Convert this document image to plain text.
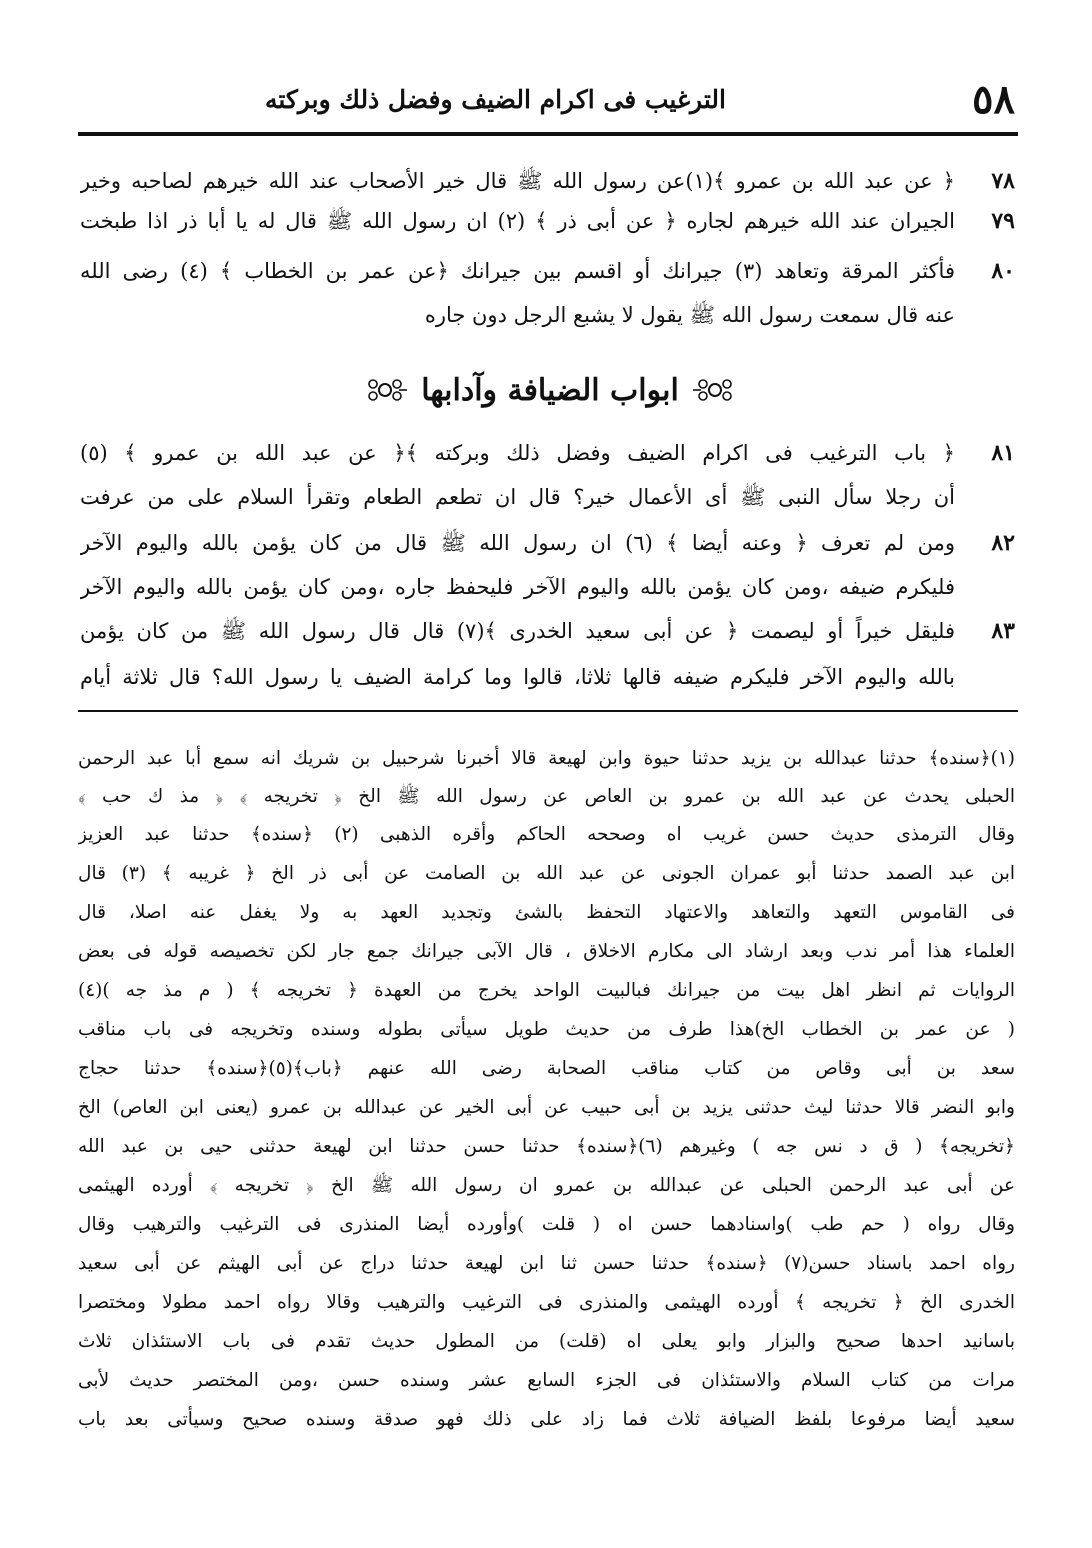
٥٨
الترغيب فى اكرام الضيف وفضل ذلك وبركته
٧٨
﴿ عن عبد الله بن عمرو ﴾(١)عن رسول الله ﷺ قال خير الأصحاب عند الله خيرهم لصاحبه وخير
٧٩
الجيران عند الله خيرهم لجاره ﴿ عن أبى ذر ﴾ (٢) ان رسول الله ﷺ قال له يا أبا ذر اذا طبخت
٨٠
فأكثر المرقة وتعاهد (٣) جيرانك أو اقسم بين جيرانك ﴿عن عمر بن الخطاب ﴾ (٤) رضى الله
عنه قال سمعت رسول الله ﷺ يقول لا يشبع الرجل دون جاره
ابواب الضيافة وآدابها
٨١
﴿ باب الترغيب فى اكرام الضيف وفضل ذلك وبركته ﴾﴿ عن عبد الله بن عمرو ﴾ (٥)
أن رجلا سأل النبى ﷺ أى الأعمال خير؟ قال ان تطعم الطعام وتقرأ السلام على من عرفت
٨٢
ومن لم تعرف ﴿ وعنه أيضا ﴾ (٦) ان رسول الله ﷺ قال من كان يؤمن بالله واليوم الآخر
فليكرم ضيفه ،ومن كان يؤمن بالله واليوم الآخر فليحفظ جاره ،ومن كان يؤمن بالله واليوم الآخر
٨٣
فليقل خيراً أو ليصمت ﴿ عن أبى سعيد الخدرى ﴾(٧) قال قال رسول الله ﷺ من كان يؤمن
بالله واليوم الآخر فليكرم ضيفه قالها ثلاثا، قالوا وما كرامة الضيف يا رسول الله؟ قال ثلاثة أيام
(١)﴿سنده﴾ حدثنا عبدالله بن يزيد حدثنا حيوة وابن لهيعة قالا أخبرنا شرحبيل بن شريك انه سمع أبا عبد الرحمن
الحبلى يحدث عن عبد الله بن عمرو بن العاص عن رسول الله ﷺ الخ ﴿ تخريجه ﴾ ﴿ مذ ك حب ﴾
وقال الترمذى حديث حسن غريب اه وصححه الحاكم وأقره الذهبى (٢) ﴿سنده﴾ حدثنا عبد العزيز
ابن عبد الصمد حدثنا أبو عمران الجونى عن عبد الله بن الصامت عن أبى ذر الخ ﴿ غريبه ﴾ (٣) قال
فى القاموس التعهد والتعاهد والاعتهاد التحفظ بالشئ وتجديد العهد به ولا يغفل عنه اصلا، قال
العلماء هذا أمر ندب وبعد ارشاد الى مكارم الاخلاق ، قال الآبى جيرانك جمع جار لكن تخصيصه قوله فى بعض
الروايات ثم انظر اهل بيت من جيرانك فبالبيت الواحد يخرج من العهدة ﴿ تخريجه ﴾ ( م مذ جه )(٤)
( عن عمر بن الخطاب الخ)هذا طرف من حديث طويل سيأتى بطوله وسنده وتخريجه فى باب مناقب
سعد بن أبى وقاص من كتاب مناقب الصحابة رضى الله عنهم ﴿باب﴾(٥)﴿سنده﴾ حدثنا حجاج
وابو النضر قالا حدثنا ليث حدثنى يزيد بن أبى حبيب عن أبى الخير عن عبدالله بن عمرو (يعنى ابن العاص) الخ
﴿تخريجه﴾ ( ق د نس جه ) وغيرهم (٦)﴿سنده﴾ حدثنا حسن حدثنا ابن لهيعة حدثنى حيى بن عبد الله
عن أبى عبد الرحمن الحبلى عن عبدالله بن عمرو ان رسول الله ﷺ الخ ﴿ تخريجه ﴾ أورده الهيثمى
وقال رواه ( حم طب )واسنادهما حسن اه ( قلت )وأورده أيضا المنذرى فى الترغيب والترهيب وقال
رواه احمد باسناد حسن(٧) ﴿سنده﴾ حدثنا حسن ثنا ابن لهيعة حدثنا دراج عن أبى الهيثم عن أبى سعيد
الخدرى الخ ﴿ تخريجه ﴾ أورده الهيثمى والمنذرى فى الترغيب والترهيب وقالا رواه احمد مطولا ومختصرا
باسانيد احدها صحيح والبزار وابو يعلى اه (قلت) من المطول حديث تقدم فى باب الاستئذان ثلاث
مرات من كتاب السلام والاستئذان فى الجزء السابع عشر وسنده حسن ،ومن المختصر حديث لأبى
سعيد أيضا مرفوعا بلفظ الضيافة ثلاث فما زاد على ذلك فهو صدقة وسنده صحيح وسيأتى بعد باب
